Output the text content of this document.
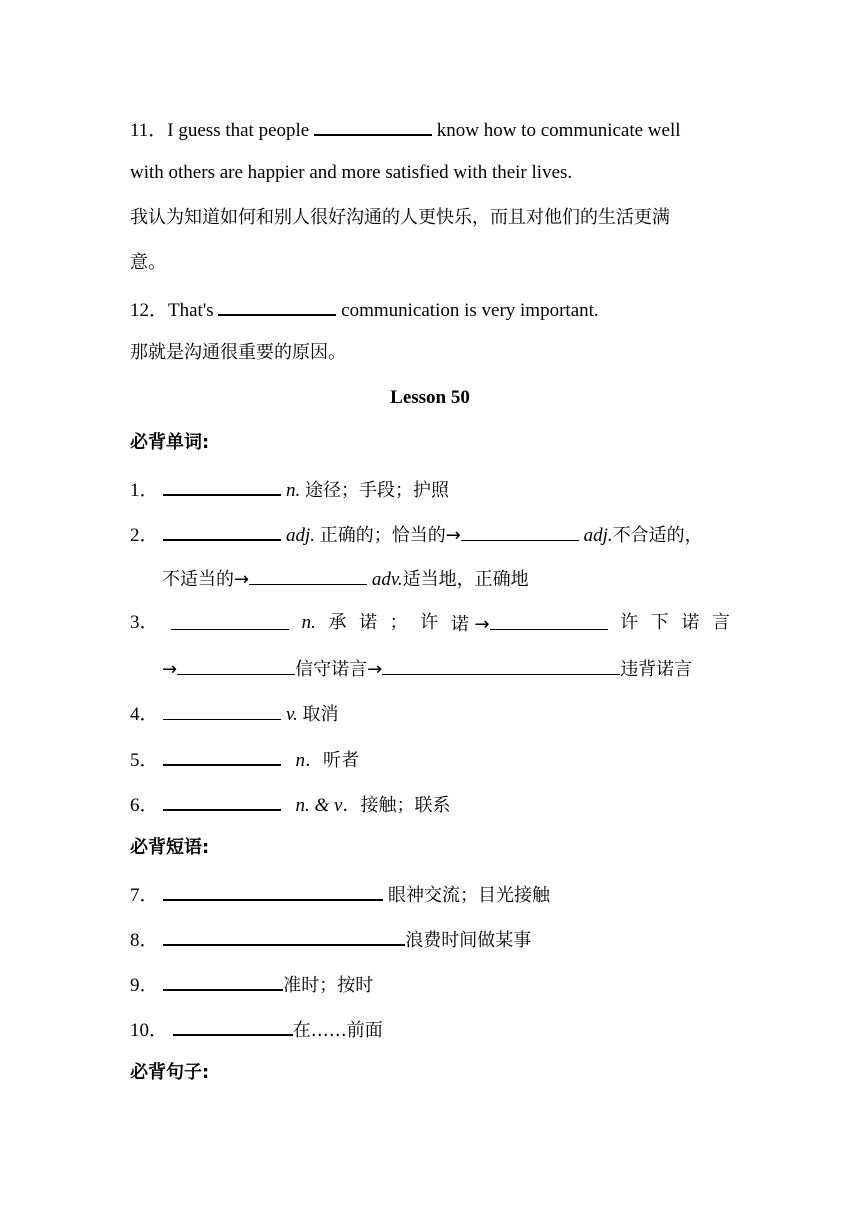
11．I guess that people	know how to communicate well
with others are happier and more satisfied with their lives.
我认为知道如何和别人很好沟通的人更快乐，而且对他们的生活更满
意。
12．That's	communication is very important.
那就是沟通很重要的原因。
Lesson 50
必背单词:
1．	n. 途径；手段；护照
2．	adj. 正确的；恰当的→	adj.不合适的，
不适当的→	adv.适当地，正确地
3．	n. 承 诺 ； 许 诺 →	许 下 诺 言
→	信守诺言→	违背诺言
4．	v. 取消
5．	n．听者
6．	n. & v．接触；联系
必背短语:
7．	眼神交流；目光接触
8．	浪费时间做某事
9．	准时；按时
10．	在……前面
必背句子:
